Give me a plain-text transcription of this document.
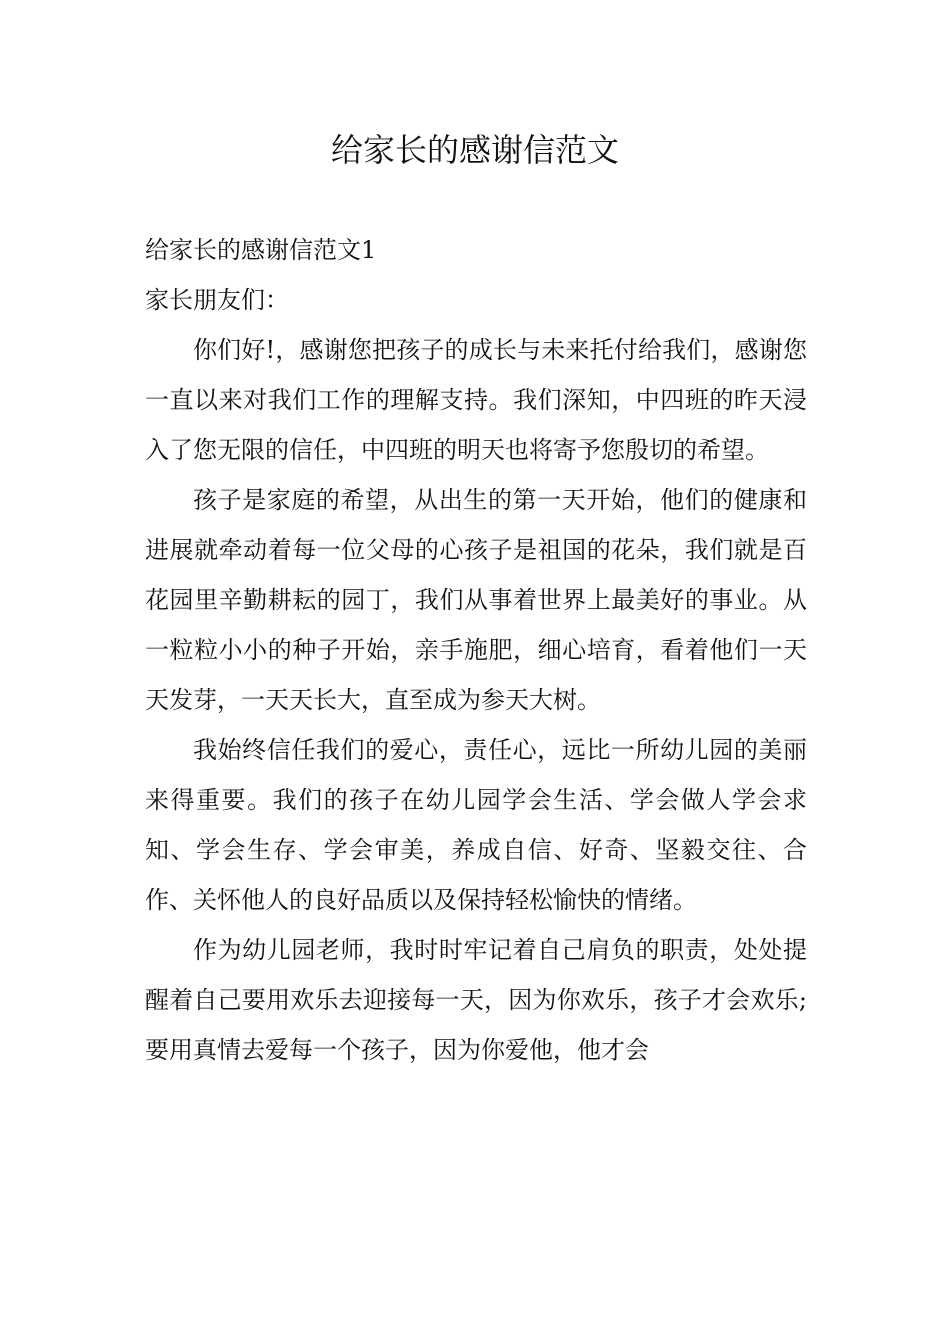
给家长的感谢信范文

给家长的感谢信范文1

家长朋友们：

你们好!，感谢您把孩子的成长与未来托付给我们，感谢您一直以来对我们工作的理解支持。我们深知，中四班的昨天浸入了您无限的信任，中四班的明天也将寄予您殷切的希望。

孩子是家庭的希望，从出生的第一天开始，他们的健康和进展就牵动着每一位父母的心孩子是祖国的花朵，我们就是百花园里辛勤耕耘的园丁，我们从事着世界上最美好的事业。从一粒粒小小的种子开始，亲手施肥，细心培育，看着他们一天天发芽，一天天长大，直至成为参天大树。

我始终信任我们的爱心，责任心，远比一所幼儿园的美丽来得重要。我们的孩子在幼儿园学会生活、学会做人学会求知、学会生存、学会审美，养成自信、好奇、坚毅交往、合作、关怀他人的良好品质以及保持轻松愉快的情绪。

作为幼儿园老师，我时时牢记着自己肩负的职责，处处提醒着自己要用欢乐去迎接每一天，因为你欢乐，孩子才会欢乐;要用真情去爱每一个孩子，因为你爱他，他才会
